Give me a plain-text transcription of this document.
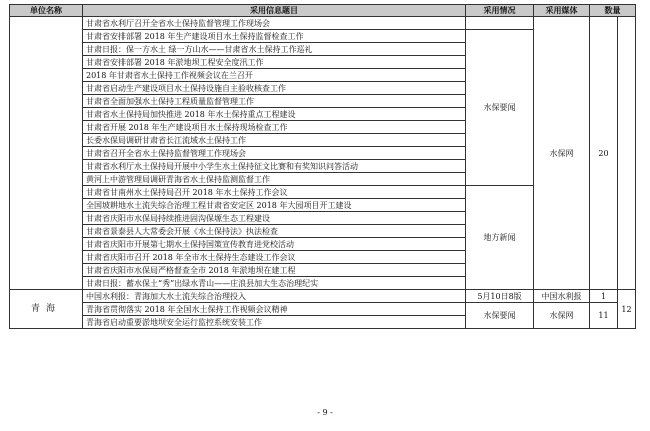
单位名称	采用信息题目	采用情况	采用媒体	数量	
	甘肃省水利厅召开全省水土保持监督管理工作现场会		水保网	20	
	甘肃省安排部署 2018 年生产建设项目水土保持监督检查工作	水保要闻			
	甘肃日报：保一方水土 绿一方山水——甘肃省水土保持工作巡礼				
	甘肃省安排部署 2018 年淤地坝工程安全度汛工作				
	2018 年甘肃省水土保持工作视频会议在兰召开				
	甘肃省启动生产建设项目水土保持设施自主验收核查工作				
	甘肃省全面加强水土保持工程质量监督管理工作				
	甘肃省水土保持局加快推进 2018 年水土保持重点工程建设				
	甘肃省开展 2018 年生产建设项目水土保持现场检查工作				
	长委水保局调研甘肃省长江流域水土保持工作				
	甘肃省召开全省水土保持监督管理工作现场会				
	甘肃省水利厅水土保持局开展中小学生水土保持征文比赛和有奖知识问答活动				
	黄河上中游管理局调研青海省水土保持监测监督工作				
	甘肃省甘南州水土保持局召开 2018 年水土保持工作会议	地方新闻			
	全国坡耕地水土流失综合治理工程甘肃省安定区 2018 年大园项目开工建设				
	甘肃省庆阳市水保局持续推进固沟保塬生态工程建设				
	甘肃省景泰县人大常委会开展《水土保持法》执法检查				
	甘肃省庆阳市开展第七期水土保持国策宣传教育进党校活动				
	甘肃省庆阳市召开 2018 年全市水土保持生态建设工作会议				
	甘肃省庆阳市水保局严格督查全市 2018 年淤地坝在建工程				
	甘肃日报：蓄水保土“秀”出绿水青山——庄浪县加大生态治理纪实				
青海	中国水利报：青海加大水土流失综合治理投入	5月10日8版	中国水利报	1	12
	青海省贯彻落实 2018 年全国水土保持工作视频会议精神	水保要闻	水保网	11	
	青海省启动重要淤地坝安全运行监控系统安装工作				
- 9 -
